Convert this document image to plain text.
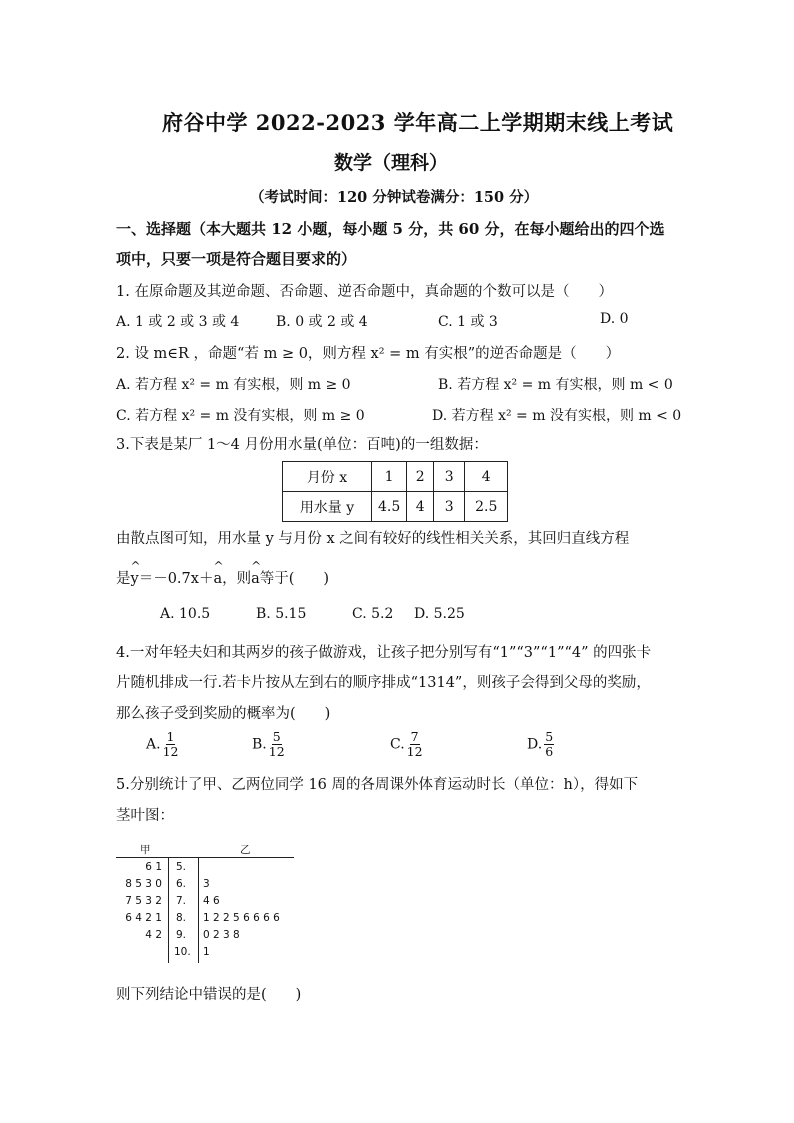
府谷中学 2022-2023 学年高二上学期期末线上考试
数学（理科）
（考试时间：120 分钟试卷满分：150 分）
一、选择题（本大题共 12 小题，每小题 5 分，共 60 分，在每小题给出的四个选
项中，只要一项是符合题目要求的）
1. 在原命题及其逆命题、否命题、逆否命题中，真命题的个数可以是（　　）
A. 1 或 2 或 3 或 4	B. 0 或 2 或 4	C. 1 或 3	D. 0
2. 设 m∈R ，命题“若 m ≥ 0，则方程 x² = m 有实根”的逆否命题是（　　）
A. 若方程 x² = m 有实根，则 m ≥ 0	B. 若方程 x² = m 有实根，则 m < 0
C. 若方程 x² = m 没有实根，则 m ≥ 0	D. 若方程 x² = m 没有实根，则 m < 0
3.下表是某厂 1～4 月份用水量(单位：百吨)的一组数据：
月份 x	1	2	3	4
用水量 y	4.5	4	3	2.5
由散点图可知，用水量 y 与月份 x 之间有较好的线性相关关系，其回归直线方程
是^ y＝－0.7x＋^ a，则^ a等于(　　)
A. 10.5	B. 5.15	C. 5.2 D. 5.25
4.一对年轻夫妇和其两岁的孩子做游戏，让孩子把分别写有“1”“3”“1”“4” 的四张卡
片随机排成一行.若卡片按从左到右的顺序排成“1314”，则孩子会得到父母的奖励，
那么孩子受到奖励的概率为(　　)
A. $\frac{1}{12}$	B. $\frac{5}{12}$	C. $\frac{7}{12}$	D. $\frac{5}{6}$
5.分别统计了甲、乙两位同学 16 周的各周课外体育运动时长（单位：h），得如下
茎叶图：
甲	乙
6 1 5.
8 5 3 0 6. 3
7 5 3 2 7. 4 6
6 4 2 1 8. 1 2 2 5 6 6 6 6
4 2 9. 0 2 3 8
10. 1
则下列结论中错误的是(　　)
